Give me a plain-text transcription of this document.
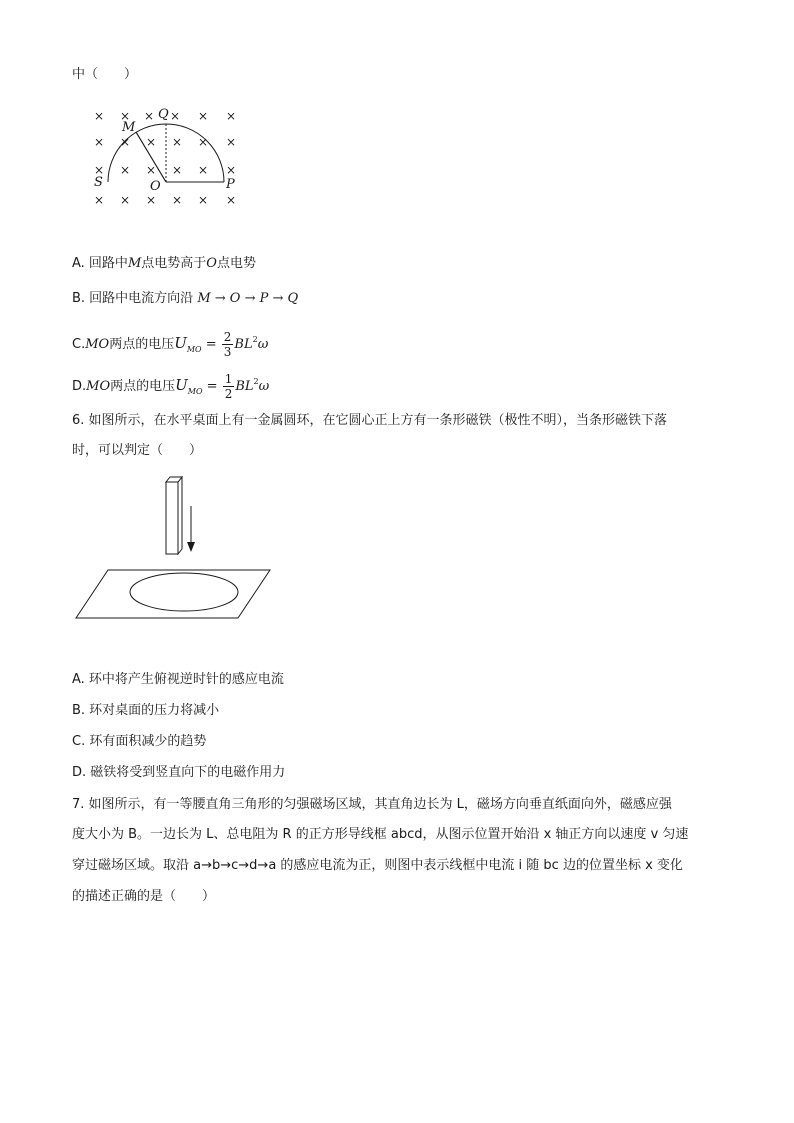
中（　　）
× × × × × ×
× × × × × ×
× × × × × ×
× × × × × ×
Q
M
S	O	P
A. 回路中M点电势高于O点电势
B. 回路中电流方向沿 M → O → P → Q
C.MO两点的电压$U_{MO} = \frac{2}{3} BL^2\omega$
D.MO两点的电压$U_{MO} = \frac{1}{2} BL^2\omega$
6. 如图所示，在水平桌面上有一金属圆环，在它圆心正上方有一条形磁铁（极性不明），当条形磁铁下落
时，可以判定（　　）
A. 环中将产生俯视逆时针的感应电流
B. 环对桌面的压力将减小
C. 环有面积减少的趋势
D. 磁铁将受到竖直向下的电磁作用力
7. 如图所示，有一等腰直角三角形的匀强磁场区域，其直角边长为 L，磁场方向垂直纸面向外，磁感应强
度大小为 B。一边长为 L、总电阻为 R 的正方形导线框 abcd，从图示位置开始沿 x 轴正方向以速度 v 匀速
穿过磁场区域。取沿 a→b→c→d→a 的感应电流为正，则图中表示线框中电流 i 随 bc 边的位置坐标 x 变化
的描述正确的是（　　）
